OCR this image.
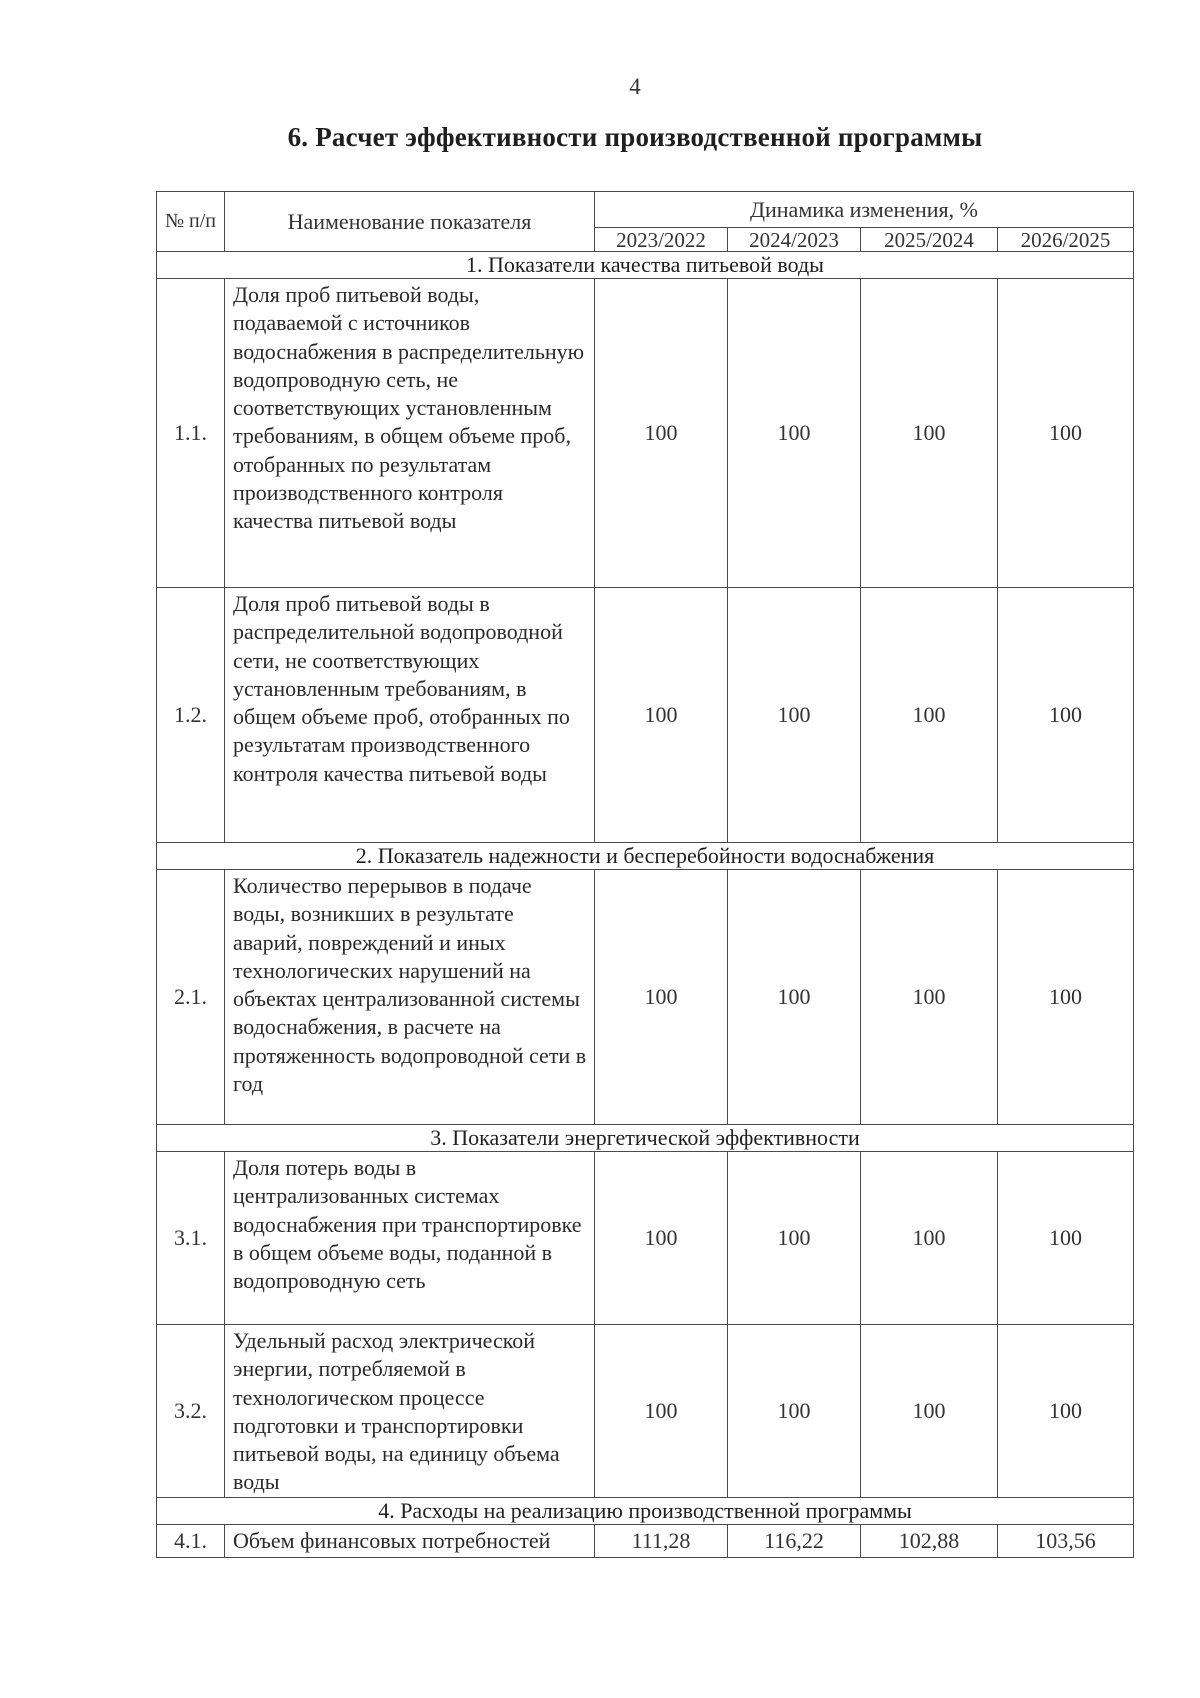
4
6. Расчет эффективности производственной программы
№ п/п	Наименование показателя	Динамика изменения, %			
		2023/2022	2024/2023	2025/2024	2026/2025
1. Показатели качества питьевой воды					
1.1.	Доля проб питьевой воды, подаваемой с источников водоснабжения в распределительную водопроводную сеть, не соответствующих установленным требованиям, в общем объеме проб, отобранных по результатам производственного контроля качества питьевой воды	100	100	100	100
1.2.	Доля проб питьевой воды в распределительной водопроводной сети, не соответствующих установленным требованиям, в общем объеме проб, отобранных по результатам производственного контроля качества питьевой воды	100	100	100	100
2. Показатель надежности и бесперебойности водоснабжения					
2.1.	Количество перерывов в подаче воды, возникших в результате аварий, повреждений и иных технологических нарушений на объектах централизованной системы водоснабжения, в расчете на протяженность водопроводной сети в год	100	100	100	100
3. Показатели энергетической эффективности					
3.1.	Доля потерь воды в централизованных системах водоснабжения при транспортировке в общем объеме воды, поданной в водопроводную сеть	100	100	100	100
3.2.	Удельный расход электрической энергии, потребляемой в технологическом процессе подготовки и транспортировки питьевой воды, на единицу объема воды	100	100	100	100
4. Расходы на реализацию производственной программы					
4.1.	Объем финансовых потребностей	111,28	116,22	102,88	103,56
